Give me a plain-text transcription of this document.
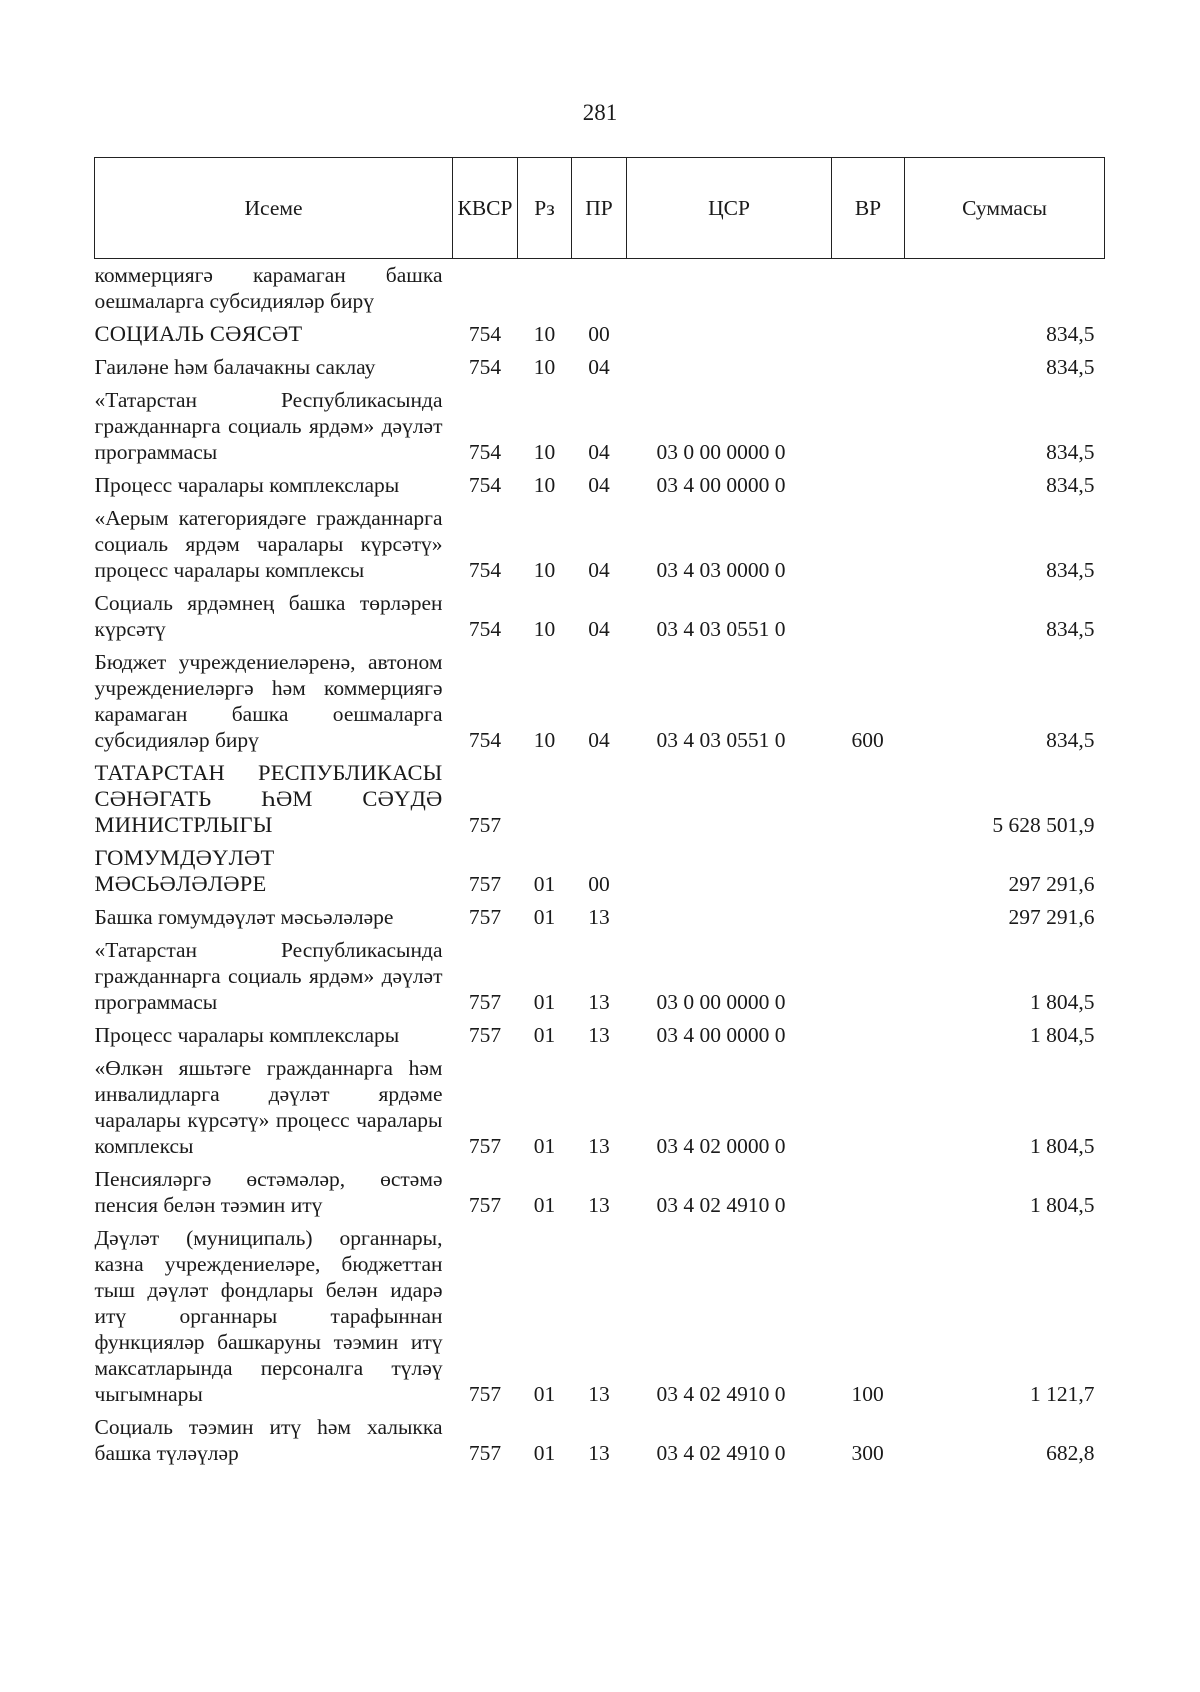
281
Исеме	КВСР	Рз	ПР	ЦСР	ВР	Суммасы
коммерциягә карамаган башка оешмаларга субсидияләр бирү						
СОЦИАЛЬ СӘЯСӘТ	754	10	00			834,5
Гаиләне һәм балачакны саклау	754	10	04			834,5
«Татарстан Республикасында гражданнарга социаль ярдәм» дәүләт программасы	754	10	04	03 0 00 0000 0		834,5
Процесс чаралары комплекслары	754	10	04	03 4 00 0000 0		834,5
«Аерым категориядәге гражданнарга социаль ярдәм чаралары күрсәтү» процесс чаралары комплексы	754	10	04	03 4 03 0000 0		834,5
Социаль ярдәмнең башка төрләрен күрсәтү	754	10	04	03 4 03 0551 0		834,5
Бюджет учреждениеләренә, автоном учреждениеләргә һәм коммерциягә карамаган башка оешмаларга субсидияләр бирү	754	10	04	03 4 03 0551 0	600	834,5
ТАТАРСТАН РЕСПУБЛИКАСЫ СӘНӘГАТЬ ҺӘМ СӘҮДӘ МИНИСТРЛЫГЫ	757					5 628 501,9
ГОМУМДӘҮЛӘТ МӘСЬӘЛӘЛӘРЕ	757	01	00			297 291,6
Башка гомумдәүләт мәсьәләләре	757	01	13			297 291,6
«Татарстан Республикасында гражданнарга социаль ярдәм» дәүләт программасы	757	01	13	03 0 00 0000 0		1 804,5
Процесс чаралары комплекслары	757	01	13	03 4 00 0000 0		1 804,5
«Өлкән яшьтәге гражданнарга һәм инвалидларга дәүләт ярдәме чаралары күрсәтү» процесс чаралары комплексы	757	01	13	03 4 02 0000 0		1 804,5
Пенсияләргә өстәмәләр, өстәмә пенсия белән тәэмин итү	757	01	13	03 4 02 4910 0		1 804,5
Дәүләт (муниципаль) органнары, казна учреждениеләре, бюджеттан тыш дәүләт фондлары белән идарә итү органнары тарафыннан функцияләр башкаруны тәэмин итү максатларында персоналга түләү чыгымнары	757	01	13	03 4 02 4910 0	100	1 121,7
Социаль тәэмин итү һәм халыкка башка түләүләр	757	01	13	03 4 02 4910 0	300	682,8
